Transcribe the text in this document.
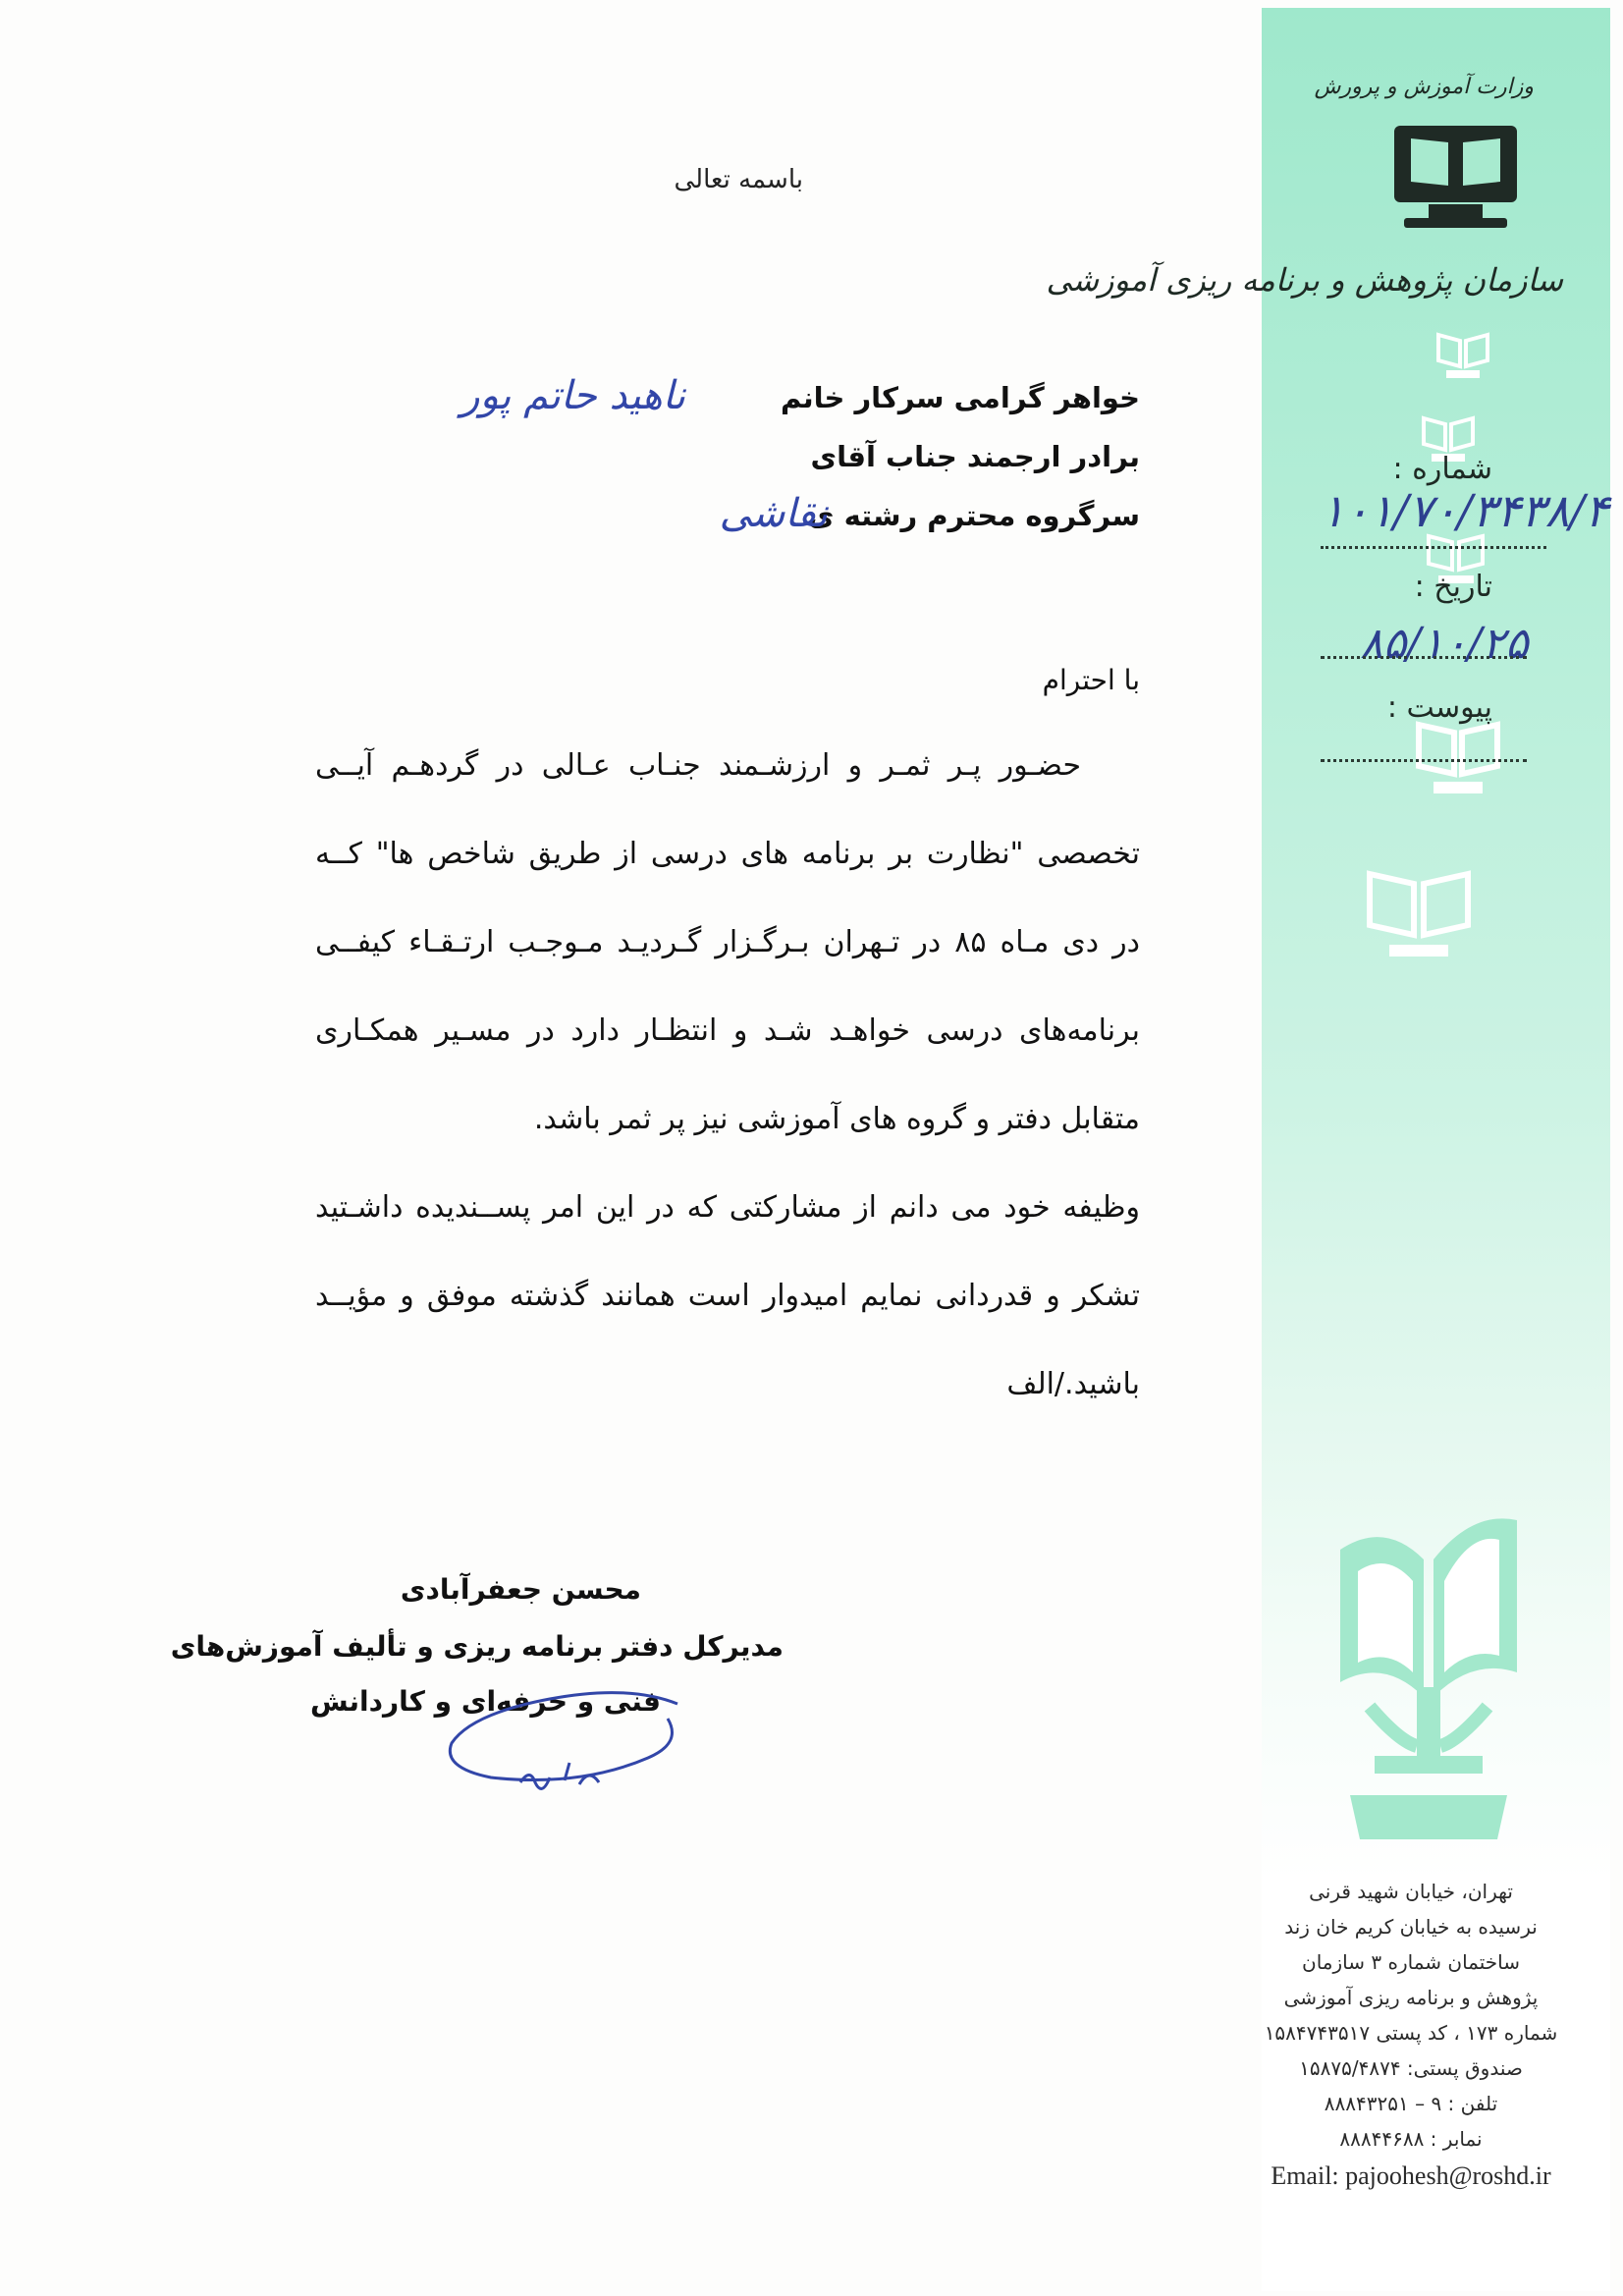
وزارت آموزش و پرورش
سازمان پژوهش و برنامه ریزی آموزشی
شماره :
۱۰۱/۷۰/۳۴۳۸/۴
تاریخ :
۸۵/۱۰/۲۵
پیوست :
تهران، خیابان شهید قرنی
نرسیده به خیابان کریم خان زند
ساختمان شماره ۳ سازمان
پژوهش و برنامه ریزی آموزشی
شماره ۱۷۳ ، کد پستی ۱۵۸۴۷۴۳۵۱۷
صندوق پستی: ۱۵۸۷۵/۴۸۷۴
تلفن : ۹ – ۸۸۸۴۳۲۵۱
نمابر : ۸۸۸۴۴۶۸۸
Email: pajoohesh@roshd.ir
باسمه تعالی
خواهر گرامی سرکار خانم
ناهید حاتم پور
برادر ارجمند جناب آقای
سرگروه محترم رشته ی
نقاشی
با احترام
حضـور پـر ثمـر و ارزشـمند جنـاب عـالی در گردهـم آیــی
تخصصی "نظارت بر برنامه های درسی از طریق شاخص ها" کــه
در دی مـاه ۸۵ در تـهران بـرگـزار گـردیـد مـوجـب ارتـقـاء کیفــی
برنامه‌های درسی خواهـد شـد و انتظـار دارد در مسـیر همکـاری
متقابل دفتر و گروه های آموزشی نیز پر ثمر باشد.
وظیفه خود می دانم از مشارکتی که در این امر پســندیده داشـتید
تشکر و قدردانی نمایم امیدوار است همانند گذشته موفق و مؤیــد
باشید./الف
محسن جعفرآبادی
مدیرکل دفتر برنامه ریزی و تألیف آموزش‌های
فنی و حرفه‌ای و کاردانش
